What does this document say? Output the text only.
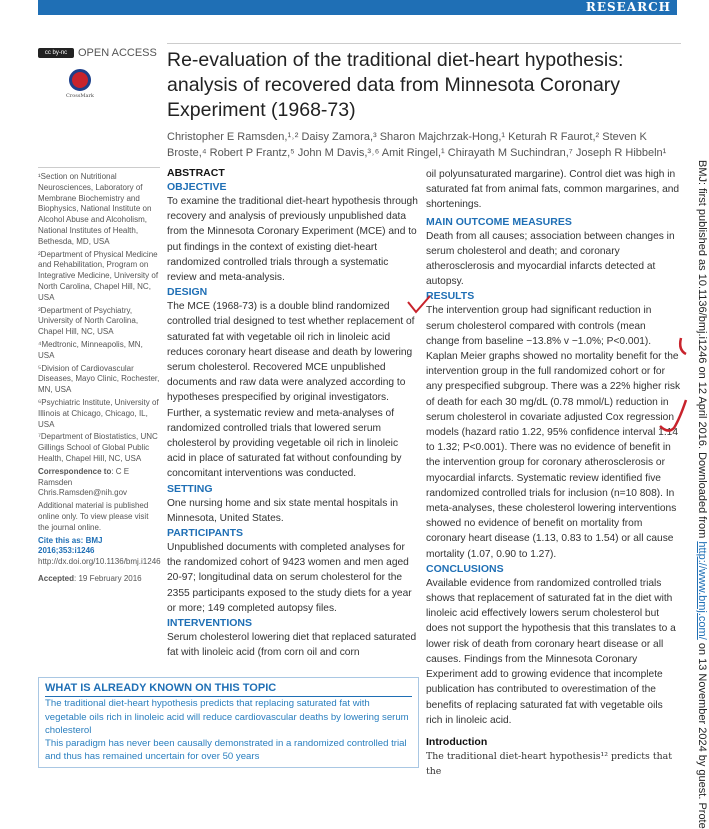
RESEARCH
cc by-nc OPEN ACCESS
CrossMark
Re-evaluation of the traditional diet-heart hypothesis: analysis of recovered data from Minnesota Coronary Experiment (1968-73)
Christopher E Ramsden,¹˒² Daisy Zamora,³ Sharon Majchrzak-Hong,¹ Keturah R Faurot,² Steven K Broste,⁴ Robert P Frantz,⁵ John M Davis,³˒⁶ Amit Ringel,¹ Chirayath M Suchindran,⁷ Joseph R Hibbeln¹

¹Section on Nutritional Neurosciences, Laboratory of Membrane Biochemistry and Biophysics, National Institute on Alcohol Abuse and Alcoholism, National Institutes of Health, Bethesda, MD, USA

²Department of Physical Medicine and Rehabilitation, Program on Integrative Medicine, University of North Carolina, Chapel Hill, NC, USA

³Department of Psychiatry, University of North Carolina, Chapel Hill, NC, USA

⁴Medtronic, Minneapolis, MN, USA

⁵Division of Cardiovascular Diseases, Mayo Clinic, Rochester, MN, USA

⁶Psychiatric Institute, University of Illinois at Chicago, Chicago, IL, USA

⁷Department of Biostatistics, UNC Gillings School of Global Public Health, Chapel Hill, NC, USA

Correspondence to: C E Ramsden
Chris.Ramsden@nih.gov

Additional material is published online only. To view please visit the journal online.

Cite this as: BMJ 2016;353:i1246
http://dx.doi.org/10.1136/bmj.i1246

Accepted: 19 February 2016

ABSTRACT
OBJECTIVE

To examine the traditional diet-heart hypothesis through recovery and analysis of previously unpublished data from the Minnesota Coronary Experiment (MCE) and to put findings in the context of existing diet-heart randomized controlled trials through a systematic review and meta-analysis.

DESIGN

The MCE (1968-73) is a double blind randomized controlled trial designed to test whether replacement of saturated fat with vegetable oil rich in linoleic acid reduces coronary heart disease and death by lowering serum cholesterol. Recovered MCE unpublished documents and raw data were analyzed according to hypotheses prespecified by original investigators. Further, a systematic review and meta-analyses of randomized controlled trials that lowered serum cholesterol by providing vegetable oil rich in linoleic acid in place of saturated fat without confounding by concomitant interventions was conducted.

SETTING

One nursing home and six state mental hospitals in Minnesota, United States.

PARTICIPANTS

Unpublished documents with completed analyses for the randomized cohort of 9423 women and men aged 20-97; longitudinal data on serum cholesterol for the 2355 participants exposed to the study diets for a year or more; 149 completed autopsy files.

INTERVENTIONS

Serum cholesterol lowering diet that replaced saturated fat with linoleic acid (from corn oil and corn

oil polyunsaturated margarine). Control diet was high in saturated fat from animal fats, common margarines, and shortenings.

MAIN OUTCOME MEASURES

Death from all causes; association between changes in serum cholesterol and death; and coronary atherosclerosis and myocardial infarcts detected at autopsy.

RESULTS

The intervention group had significant reduction in serum cholesterol compared with controls (mean change from baseline −13.8% v −1.0%; P<0.001). Kaplan Meier graphs showed no mortality benefit for the intervention group in the full randomized cohort or for any prespecified subgroup. There was a 22% higher risk of death for each 30 mg/dL (0.78 mmol/L) reduction in serum cholesterol in covariate adjusted Cox regression models (hazard ratio 1.22, 95% confidence interval 1.14 to 1.32; P<0.001). There was no evidence of benefit in the intervention group for coronary atherosclerosis or myocardial infarcts. Systematic review identified five randomized controlled trials for inclusion (n=10 808). In meta-analyses, these cholesterol lowering interventions showed no evidence of benefit on mortality from coronary heart disease (1.13, 0.83 to 1.54) or all cause mortality (1.07, 0.90 to 1.27).

CONCLUSIONS

Available evidence from randomized controlled trials shows that replacement of saturated fat in the diet with linoleic acid effectively lowers serum cholesterol but does not support the hypothesis that this translates to a lower risk of death from coronary heart disease or all causes. Findings from the Minnesota Coronary Experiment add to growing evidence that incomplete publication has contributed to overestimation of the benefits of replacing saturated fat with vegetable oils rich in linoleic acid.

Introduction

The traditional diet-heart hypothesis¹² predicts that the

WHAT IS ALREADY KNOWN ON THIS TOPIC

The traditional diet-heart hypothesis predicts that replacing saturated fat with vegetable oils rich in linoleic acid will reduce cardiovascular deaths by lowering serum cholesterol

This paradigm has never been causally demonstrated in a randomized controlled trial and thus has remained uncertain for over 50 years

BMJ: first published as 10.1136/bmj.i1246 on 12 April 2016. Downloaded from http://www.bmj.com/ on 13 November 2024 by guest. Prote
